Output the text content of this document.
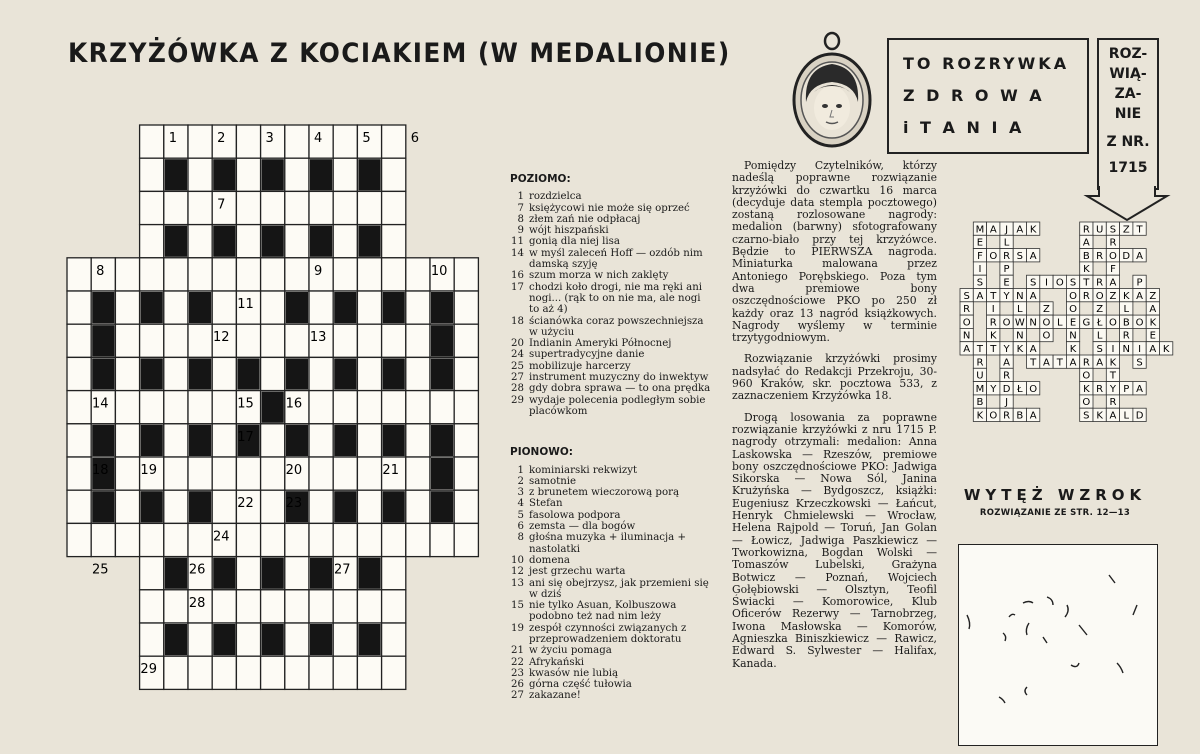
KRZYŻÓWKA Z KOCIAKIEM (W MEDALIONIE)	TO ROZRYWKA
Z D R O W A
i T A N I A
ROZ-
WIĄ-
ZA-
NIE
Z NR.
1715
1	2	3	4	5	6
7
8	9	10
11
12	13
14	15 16
17
18 19	20	21
22 23
24
25	26	27
28
29
POZIOMO:
1 rozdzielca
7 księżycowi nie może się oprzeć
8 złem zań nie odpłacaj
9 wójt hiszpański
11 gonią dla niej lisa
14 w myśl zaleceń Hoff — ozdób nim damską szyję
16 szum morza w nich zaklęty
17 chodzi koło drogi, nie ma ręki ani nogi... (rąk to on nie ma, ale nogi to aż 4)
18 ścianówka coraz powszechniejsza w użyciu
20 Indianin Ameryki Północnej
24 supertradycyjne danie
25 mobilizuje harcerzy
27 instrument muzyczny do inwektyw
28 gdy dobra sprawa — to ona prędka
29 wydaje polecenia podległym sobie placówkom
PIONOWO:
1 kominiarski rekwizyt
2 samotnie
3 z brunetem wieczorową porą
4 Stefan
5 fasolowa podpora
6 zemsta — dla bogów
8 głośna muzyka + iluminacja + nastolatki
10 domena
12 jest grzechu warta
13 ani się obejrzysz, jak przemieni się w dziś
15 nie tylko Asuan, Kolbuszowa podobno też nad nim leży
19 zespół czynności związanych z przeprowadzeniem doktoratu
21 w życiu pomaga
22 Afrykański
23 kwasów nie lubią
26 górna część tułowia
27 zakazane!

Pomiędzy Czytelników, którzy nadeślą poprawne rozwiązanie krzyżówki do czwartku 16 marca (decyduje data stempla pocztowego) zostaną rozlosowane nagrody: medalion (barwny) sfotografowany czarno-biało przy tej krzyżówce. Będzie to PIERWSZA nagroda. Miniaturka malowana przez Antoniego Porębskiego. Poza tym dwa premiowe bony oszczędnościowe PKO po 250 zł każdy oraz 13 nagród książkowych. Nagrody wyślemy w terminie trzytygodniowym.

Rozwiązanie krzyżówki prosimy nadsyłać do Redakcji Przekroju, 30-960 Kraków, skr. pocztowa 533, z zaznaczeniem Krzyżówka 18.

Drogą losowania za poprawne rozwiązanie krzyżówki z nru 1715 P. nagrody otrzymali: medalion: Anna Laskowska — Rzeszów, premiowe bony oszczędnościowe PKO: Jadwiga Sikorska — Nowa Sól, Janina Krużyńska — Bydgoszcz, książki: Eugeniusz Krzeczkowski — Łańcut, Henryk Chmielewski — Wrocław, Helena Rajpold — Toruń, Jan Golan — Łowicz, Jadwiga Paszkiewicz — Tworkowizna, Bogdan Wolski — Tomaszów Lubelski, Grażyna Botwicz — Poznań, Wojciech Gołębiowski — Olsztyn, Teofil Świacki — Komorowice, Klub Oficerów Rezerwy — Tarnobrzeg, Iwona Masłowska — Komorów, Agnieszka Biniszkiewicz — Rawicz, Edward S. Sylwester — Halifax, Kanada.

M A J A K	R U S Z T
E L	A R
F O R S A	B R O D A
I P	K F
S E S I O S T R A P
S A T Y N A	O R O Z K A Z
R I L Z O Z L A
O R O W N O L E G Ł O B O K
N K N O N L R E
A T T Y K A	K S I N I A K
R A T A T A R A K S
U R	O T
M Y D Ł O	K R Y P A
B J	O R
K O R B A	S K A L D
WYTĘŻ WZROK
ROZWIĄZANIE ZE STR. 12—13
